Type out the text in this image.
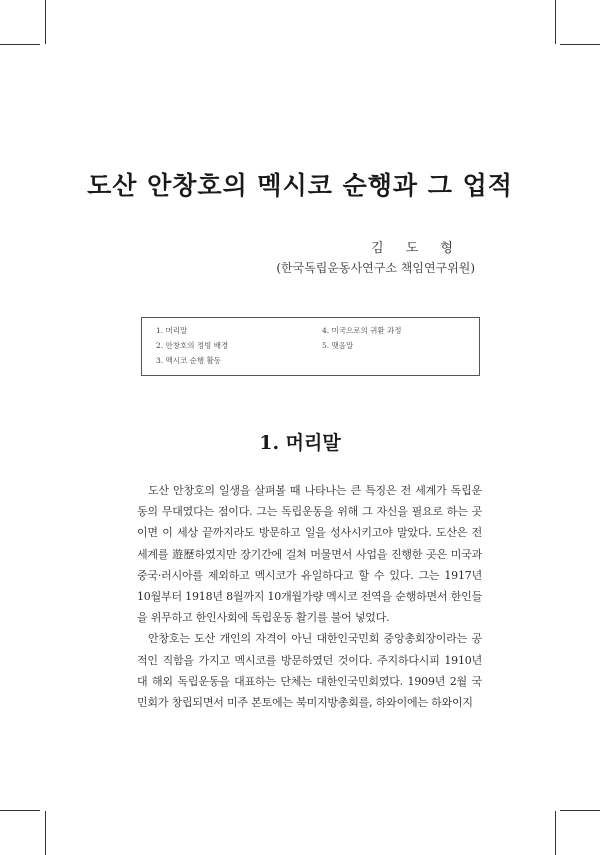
도산 안창호의 멕시코 순행과 그 업적
김 도 형
(한국독립운동사연구소 책임연구위원)
1. 머리말
2. 안창호의 정빙 배경
3. 멕시코 순행 활동
4. 미국으로의 귀환 과정
5. 맺음말
1. 머리말

도산 안창호의 일생을 살펴볼 때 나타나는 큰 특징은 전 세계가 독립운동의 무대였다는 점이다. 그는 독립운동을 위해 그 자신을 필요로 하는 곳이면 이 세상 끝까지라도 방문하고 일을 성사시키고야 말았다. 도산은 전 세계를 遊歷하였지만 장기간에 걸쳐 머물면서 사업을 진행한 곳은 미국과 중국·러시아를 제외하고 멕시코가 유일하다고 할 수 있다. 그는 1917년 10월부터 1918년 8월까지 10개월가량 멕시코 전역을 순행하면서 한인들을 위무하고 한인사회에 독립운동 활기를 불어 넣었다.

안창호는 도산 개인의 자격이 아닌 대한인국민회 중앙총회장이라는 공적인 직함을 가지고 멕시코를 방문하였던 것이다. 주지하다시피 1910년대 해외 독립운동을 대표하는 단체는 대한인국민회였다. 1909년 2월 국민회가 창립되면서 미주 본토에는 북미지방총회를, 하와이에는 하와이지
